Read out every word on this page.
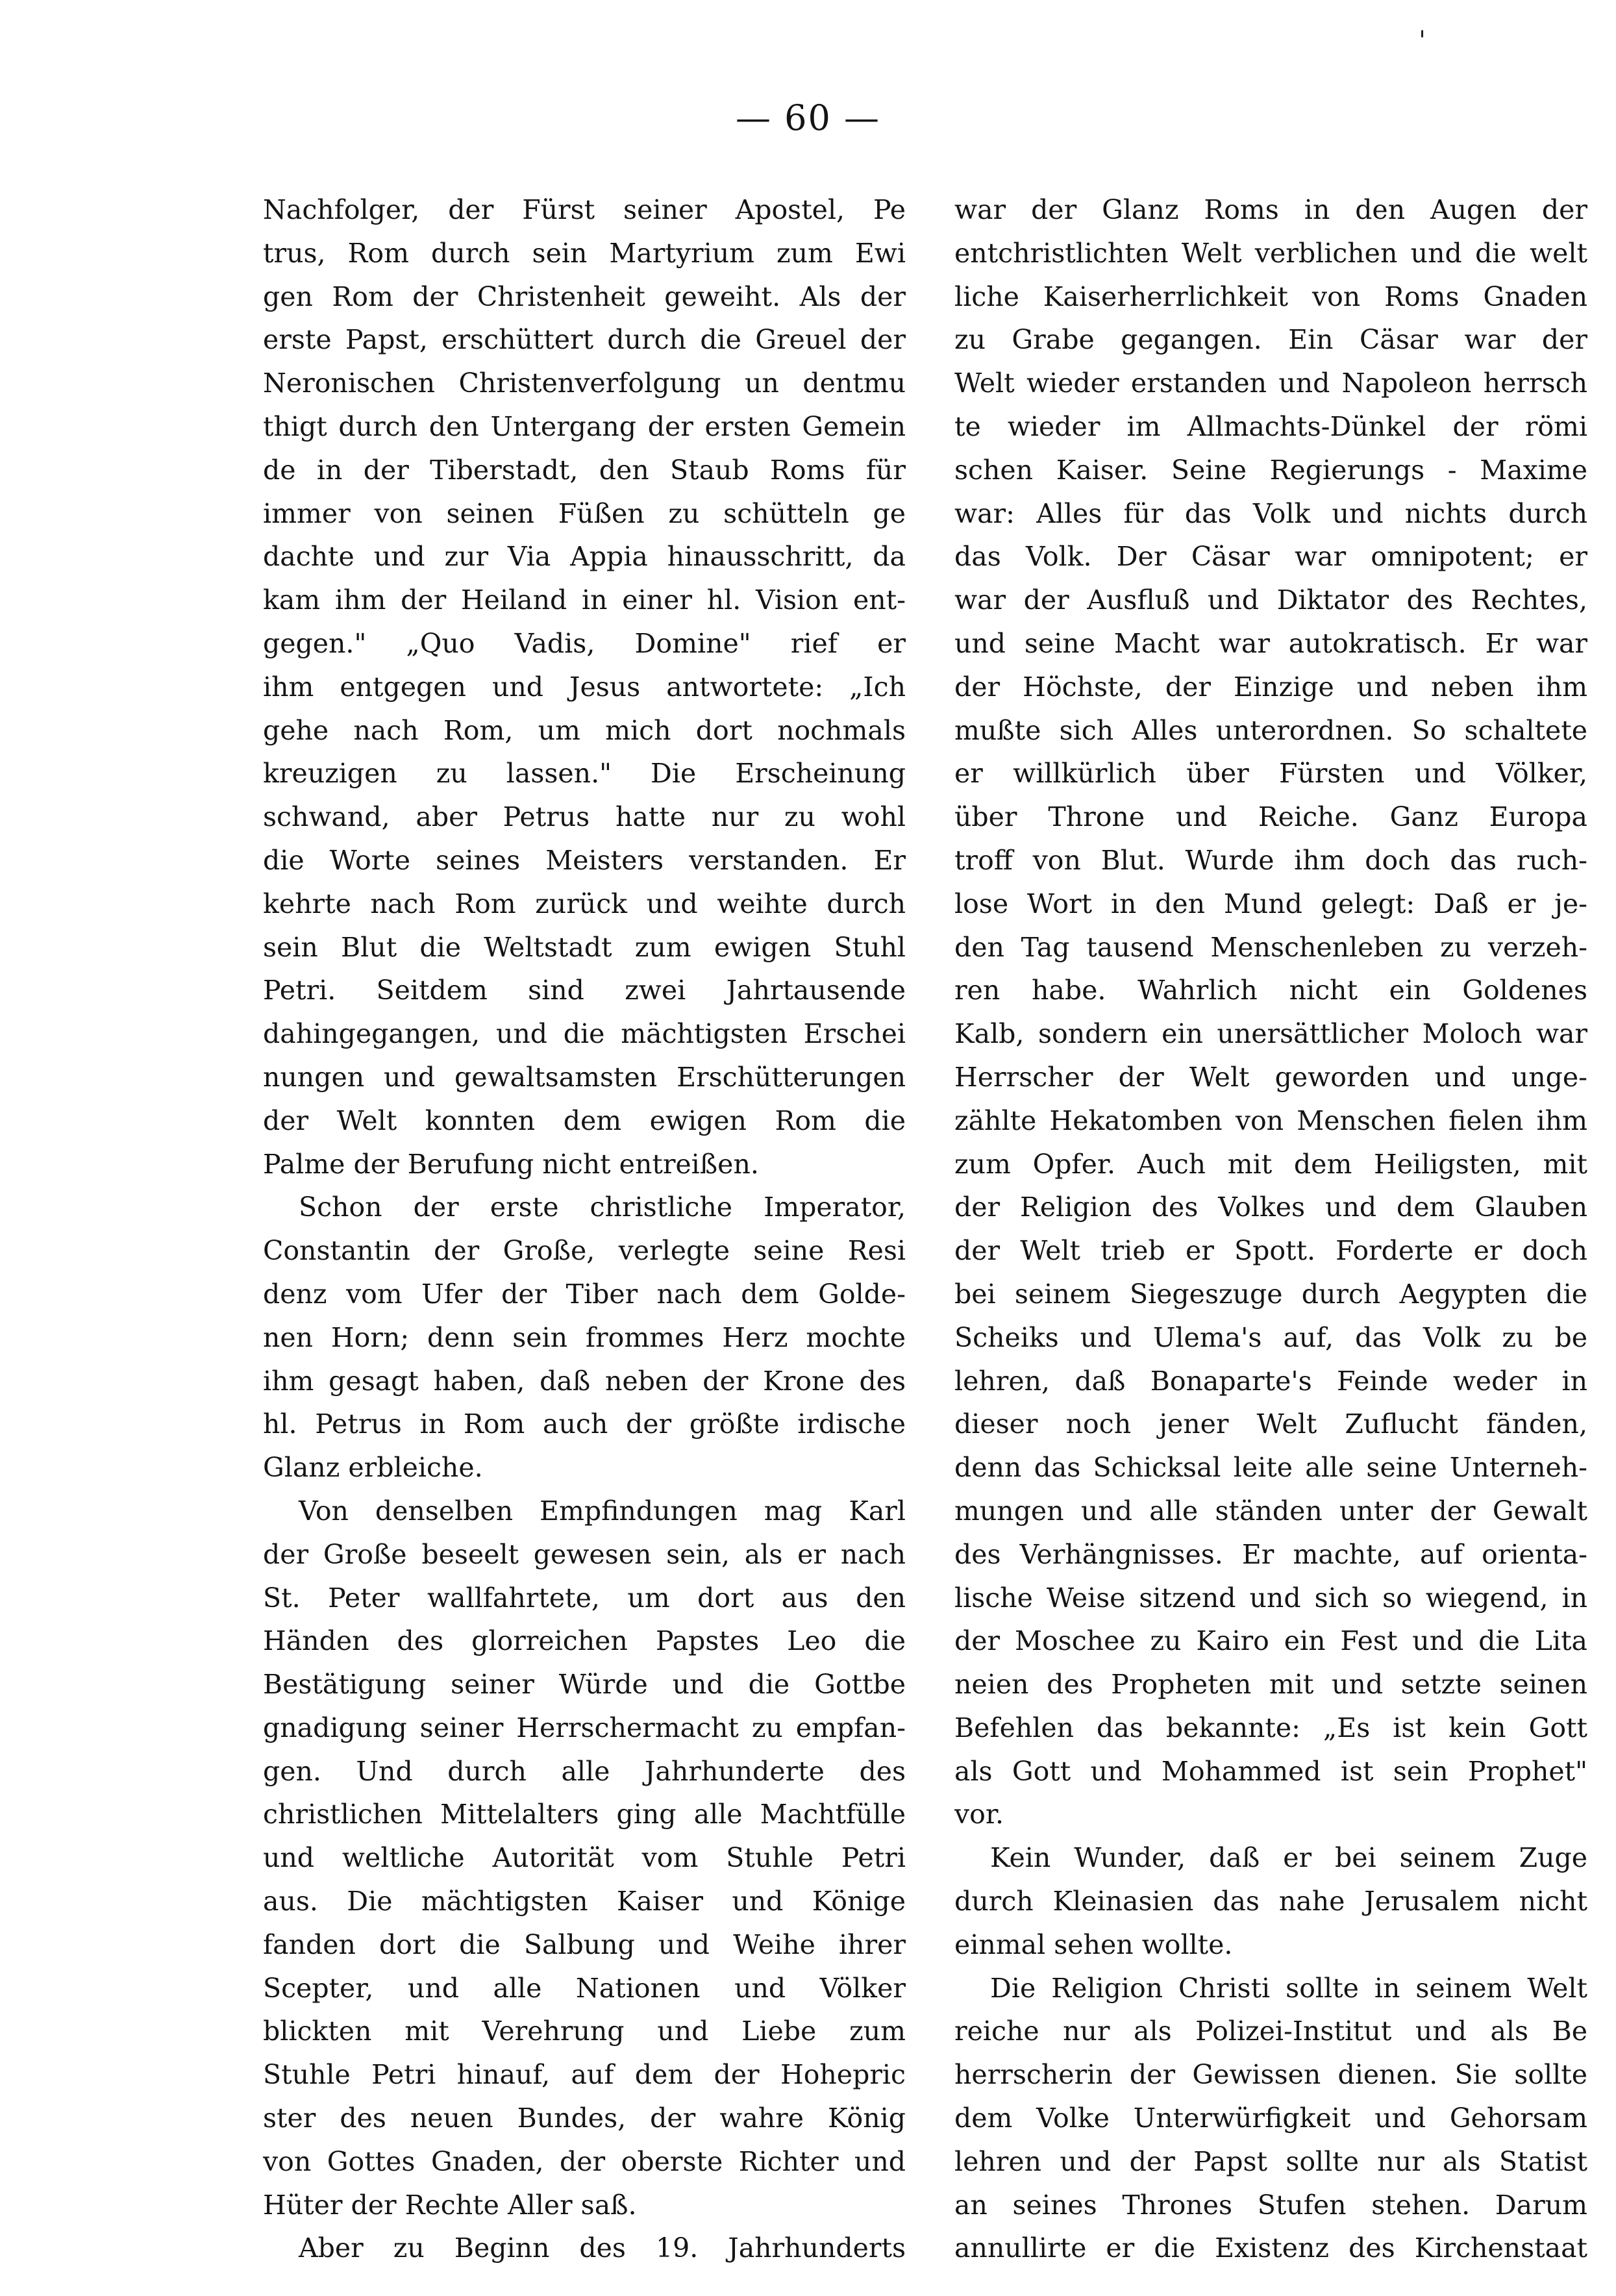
'
— 60 —
Nachfolger, der Fürst seiner Apostel, Pe
trus, Rom durch sein Martyrium zum Ewi
gen Rom der Christenheit geweiht. Als der
erste Papst, erschüttert durch die Greuel der
Neronischen Christenverfolgung un dentmu
thigt durch den Untergang der ersten Gemein
de in der Tiberstadt, den Staub Roms für
immer von seinen Füßen zu schütteln ge
dachte und zur Via Appia hinausschritt, da
kam ihm der Heiland in einer hl. Vision ent-
gegen." „Quo Vadis, Domine" rief er
ihm entgegen und Jesus antwortete: „Ich
gehe nach Rom, um mich dort nochmals
kreuzigen zu lassen." Die Erscheinung
schwand, aber Petrus hatte nur zu wohl
die Worte seines Meisters verstanden. Er
kehrte nach Rom zurück und weihte durch
sein Blut die Weltstadt zum ewigen Stuhl
Petri. Seitdem sind zwei Jahrtausende
dahingegangen, und die mächtigsten Erschei
nungen und gewaltsamsten Erschütterungen
der Welt konnten dem ewigen Rom die
Palme der Berufung nicht entreißen.
Schon der erste christliche Imperator,
Constantin der Große, verlegte seine Resi
denz vom Ufer der Tiber nach dem Golde-
nen Horn; denn sein frommes Herz mochte
ihm gesagt haben, daß neben der Krone des
hl. Petrus in Rom auch der größte irdische
Glanz erbleiche.
Von denselben Empfindungen mag Karl
der Große beseelt gewesen sein, als er nach
St. Peter wallfahrtete, um dort aus den
Händen des glorreichen Papstes Leo die
Bestätigung seiner Würde und die Gottbe
gnadigung seiner Herrschermacht zu empfan-
gen. Und durch alle Jahrhunderte des
christlichen Mittelalters ging alle Machtfülle
und weltliche Autorität vom Stuhle Petri
aus. Die mächtigsten Kaiser und Könige
fanden dort die Salbung und Weihe ihrer
Scepter, und alle Nationen und Völker
blickten mit Verehrung und Liebe zum
Stuhle Petri hinauf, auf dem der Hohepric
ster des neuen Bundes, der wahre König
von Gottes Gnaden, der oberste Richter und
Hüter der Rechte Aller saß.
Aber zu Beginn des 19. Jahrhunderts
war der Glanz Roms in den Augen der
entchristlichten Welt verblichen und die welt
liche Kaiserherrlichkeit von Roms Gnaden
zu Grabe gegangen. Ein Cäsar war der
Welt wieder erstanden und Napoleon herrsch
te wieder im Allmachts-Dünkel der römi
schen Kaiser. Seine Regierungs - Maxime
war: Alles für das Volk und nichts durch
das Volk. Der Cäsar war omnipotent; er
war der Ausfluß und Diktator des Rechtes,
und seine Macht war autokratisch. Er war
der Höchste, der Einzige und neben ihm
mußte sich Alles unterordnen. So schaltete
er willkürlich über Fürsten und Völker,
über Throne und Reiche. Ganz Europa
troff von Blut. Wurde ihm doch das ruch-
lose Wort in den Mund gelegt: Daß er je-
den Tag tausend Menschenleben zu verzeh-
ren habe. Wahrlich nicht ein Goldenes
Kalb, sondern ein unersättlicher Moloch war
Herrscher der Welt geworden und unge-
zählte Hekatomben von Menschen fielen ihm
zum Opfer. Auch mit dem Heiligsten, mit
der Religion des Volkes und dem Glauben
der Welt trieb er Spott. Forderte er doch
bei seinem Siegeszuge durch Aegypten die
Scheiks und Ulema's auf, das Volk zu be
lehren, daß Bonaparte's Feinde weder in
dieser noch jener Welt Zuflucht fänden,
denn das Schicksal leite alle seine Unterneh-
mungen und alle ständen unter der Gewalt
des Verhängnisses. Er machte, auf orienta-
lische Weise sitzend und sich so wiegend, in
der Moschee zu Kairo ein Fest und die Lita
neien des Propheten mit und setzte seinen
Befehlen das bekannte: „Es ist kein Gott
als Gott und Mohammed ist sein Prophet"
vor.
Kein Wunder, daß er bei seinem Zuge
durch Kleinasien das nahe Jerusalem nicht
einmal sehen wollte.
Die Religion Christi sollte in seinem Welt
reiche nur als Polizei-Institut und als Be
herrscherin der Gewissen dienen. Sie sollte
dem Volke Unterwürfigkeit und Gehorsam
lehren und der Papst sollte nur als Statist
an seines Thrones Stufen stehen. Darum
annullirte er die Existenz des Kirchenstaat
